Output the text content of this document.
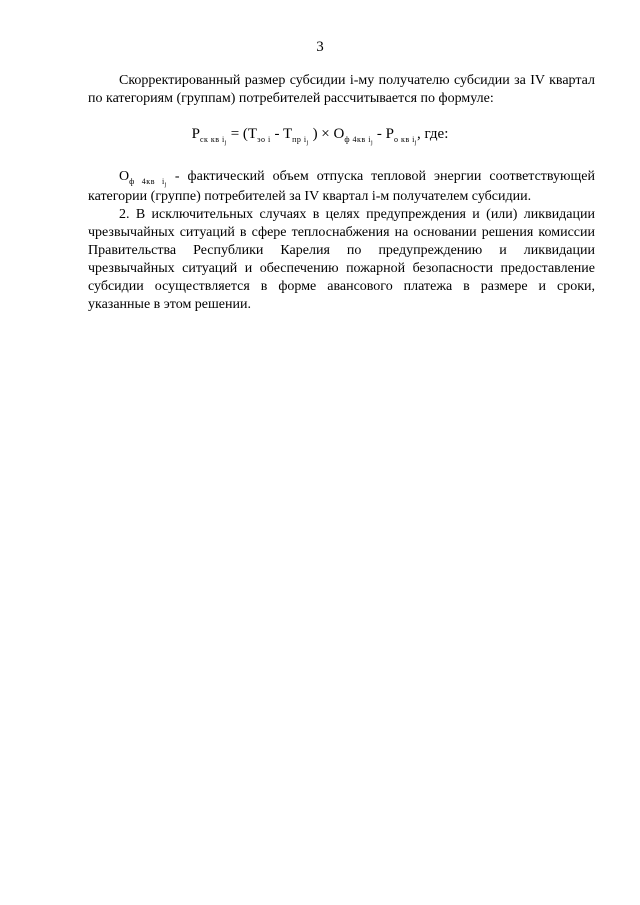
3
Скорректированный размер субсидии i-му получателю субсидии за IV квартал
по категориям (группам) потребителей рассчитывается по формуле:
$P_{ск кв i_j} = (T_{эо i} - T_{пр i_j}$ ) × $O_{ф 4кв i_j} - P_{о кв i_j}$, где:
$O_{ф 4кв i_j}$ - фактический объем отпуска тепловой энергии соответствующей
категории (группе) потребителей за IV квартал i-м получателем субсидии.
2. В исключительных случаях в целях предупреждения и (или) ликвидации
чрезвычайных ситуаций в сфере теплоснабжения на основании решения комиссии
Правительства Республики Карелия по предупреждению и ликвидации
чрезвычайных ситуаций и обеспечению пожарной безопасности предоставление
субсидии осуществляется в форме авансового платежа в размере и сроки,
указанные в этом решении.
